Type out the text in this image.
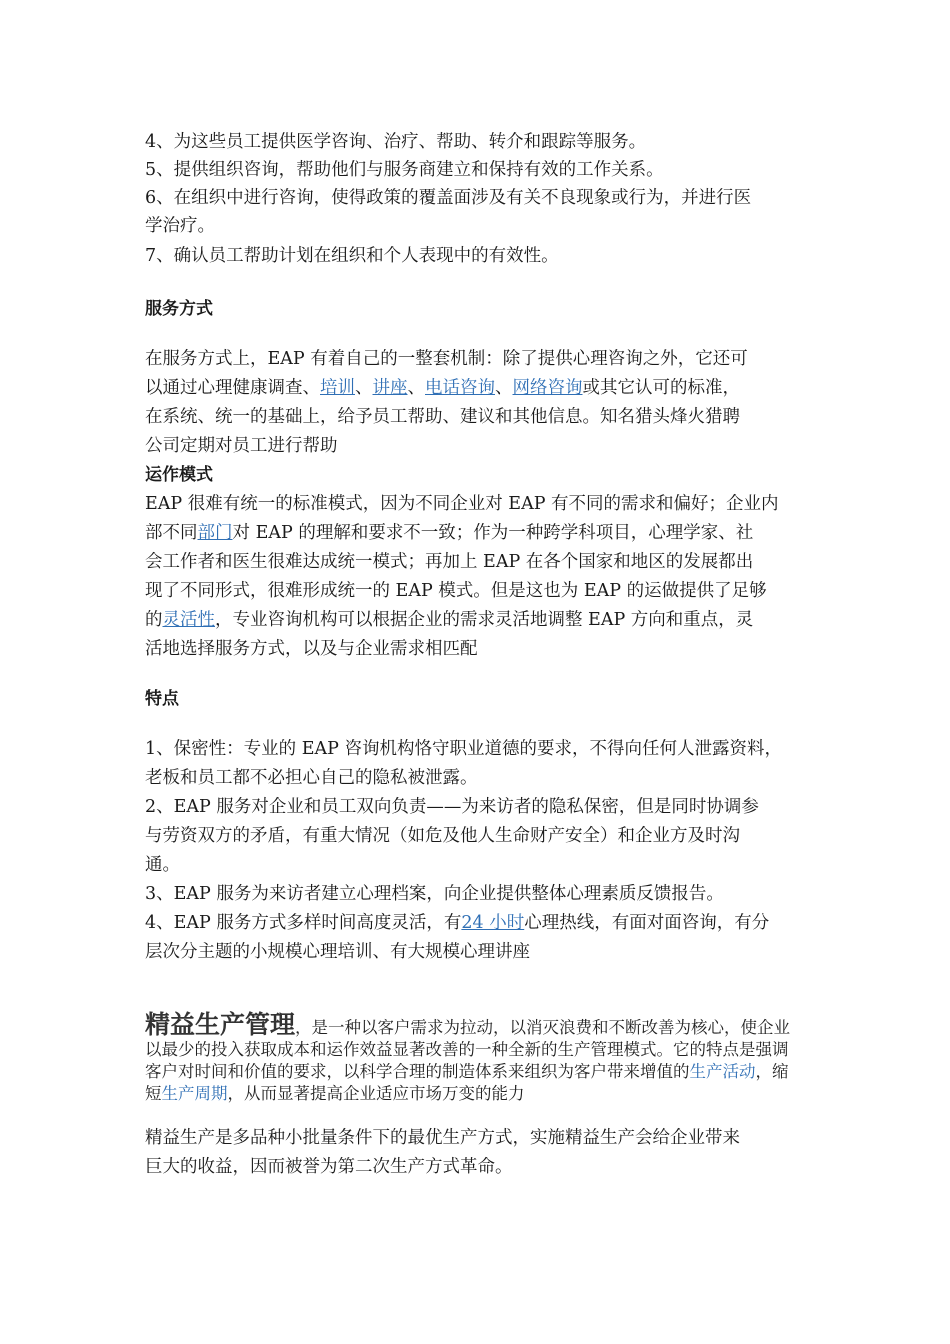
4、为这些员工提供医学咨询、治疗、帮助、转介和跟踪等服务。
5、提供组织咨询，帮助他们与服务商建立和保持有效的工作关系。
6、在组织中进行咨询，使得政策的覆盖面涉及有关不良现象或行为，并进行医
学治疗。
7、确认员工帮助计划在组织和个人表现中的有效性。
服务方式
在服务方式上，EAP 有着自己的一整套机制：除了提供心理咨询之外，它还可
以通过心理健康调查、培训、讲座、电话咨询、网络咨询或其它认可的标准，
在系统、统一的基础上，给予员工帮助、建议和其他信息。知名猎头烽火猎聘
公司定期对员工进行帮助
运作模式
EAP 很难有统一的标准模式，因为不同企业对 EAP 有不同的需求和偏好；企业内
部不同部门对 EAP 的理解和要求不一致；作为一种跨学科项目，心理学家、社
会工作者和医生很难达成统一模式；再加上 EAP 在各个国家和地区的发展都出
现了不同形式，很难形成统一的 EAP 模式。但是这也为 EAP 的运做提供了足够
的灵活性，专业咨询机构可以根据企业的需求灵活地调整 EAP 方向和重点，灵
活地选择服务方式，以及与企业需求相匹配
特点
1、保密性：专业的 EAP 咨询机构恪守职业道德的要求，不得向任何人泄露资料，
老板和员工都不必担心自己的隐私被泄露。
2、EAP 服务对企业和员工双向负责——为来访者的隐私保密，但是同时协调参
与劳资双方的矛盾，有重大情况（如危及他人生命财产安全）和企业方及时沟
通。
3、EAP 服务为来访者建立心理档案，向企业提供整体心理素质反馈报告。
4、EAP 服务方式多样时间高度灵活，有24 小时心理热线，有面对面咨询，有分
层次分主题的小规模心理培训、有大规模心理讲座
精益生产管理，是一种以客户需求为拉动，以消灭浪费和不断改善为核心，使企业
以最少的投入获取成本和运作效益显著改善的一种全新的生产管理模式。它的特点是强调
客户对时间和价值的要求，以科学合理的制造体系来组织为客户带来增值的生产活动，缩
短生产周期，从而显著提高企业适应市场万变的能力
精益生产是多品种小批量条件下的最优生产方式，实施精益生产会给企业带来
巨大的收益，因而被誉为第二次生产方式革命。
